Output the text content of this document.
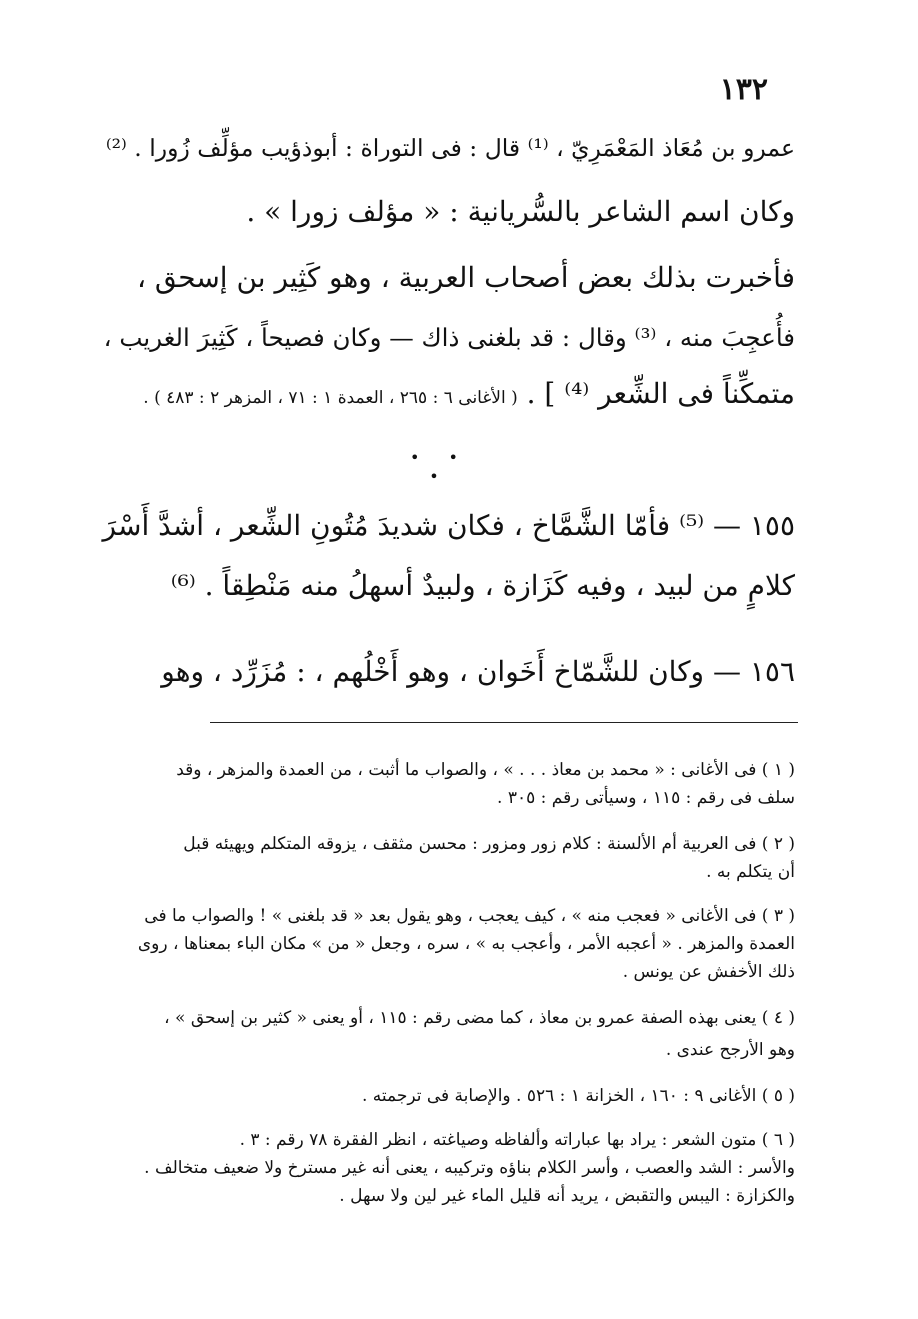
١٣٢
عمرو بن مُعَاذ المَعْمَرِيّ ، ⁽¹⁾ قال : فى التوراة : أبوذؤيب مؤلِّف زُورا . ⁽²⁾
وكان اسم الشاعر بالسُّريانية : « مؤلف زورا » .
فأخبرت بذلك بعض أصحاب العربية ، وهو كَثِير بن إسحق ،
فأُعجِبَ منه ، ⁽³⁾ وقال : قد بلغنى ذاك — وكان فصيحاً ، كَثِيرَ الغريب ،
متمكِّناً فى الشِّعر ⁽⁴⁾ ] . ( الأغانى ٦ : ٢٦٥ ، العمدة ١ : ٧١ ، المزهر ٢ : ٤٨٣ ) .
١٥٥ — ⁽⁵⁾ فأمّا الشَّمَّاخ ، فكان شديدَ مُتُونِ الشِّعر ، أشدَّ أَسْرَ
كلامٍ من لبيد ، وفيه كَزَازة ، ولبيدٌ أسهلُ منه مَنْطِقاً . ⁽⁶⁾
١٥٦ — وكان للشَّمّاخ أَخَوان ، وهو أَخْلُهم ، : مُزَرِّد ، وهو
• • •
( ١ ) فى الأغانى : « محمد بن معاذ . . . » ، والصواب ما أثبت ، من العمدة والمزهر ، وقد
سلف فى رقم : ١١٥ ، وسيأتى رقم : ٣٠٥ .
( ٢ ) فى العربية أم الألسنة : كلام زور ومزور : محسن مثقف ، يزوقه المتكلم ويهيئه قبل
أن يتكلم به .
( ٣ ) فى الأغانى « فعجب منه » ، كيف يعجب ، وهو يقول بعد « قد بلغنى » ! والصواب ما فى
العمدة والمزهر . « أعجبه الأمر ، وأعجب به » ، سره ، وجعل « من » مكان الباء بمعناها ، روى
ذلك الأخفش عن يونس .
( ٤ ) يعنى بهذه الصفة عمرو بن معاذ ، كما مضى رقم : ١١٥ ، أو يعنى « كثير بن إسحق » ،
وهو الأرجح عندى .
( ٥ ) الأغانى ٩ : ١٦٠ ، الخزانة ١ : ٥٢٦ . والإصابة فى ترجمته .
( ٦ ) متون الشعر : يراد بها عباراته وألفاظه وصياغته ، انظر الفقرة ٧٨ رقم : ٣ .
والأسر : الشد والعصب ، وأسر الكلام بناؤه وتركيبه ، يعنى أنه غير مسترخ ولا ضعيف متخالف .
والكزازة : اليبس والتقبض ، يريد أنه قليل الماء غير لين ولا سهل .
